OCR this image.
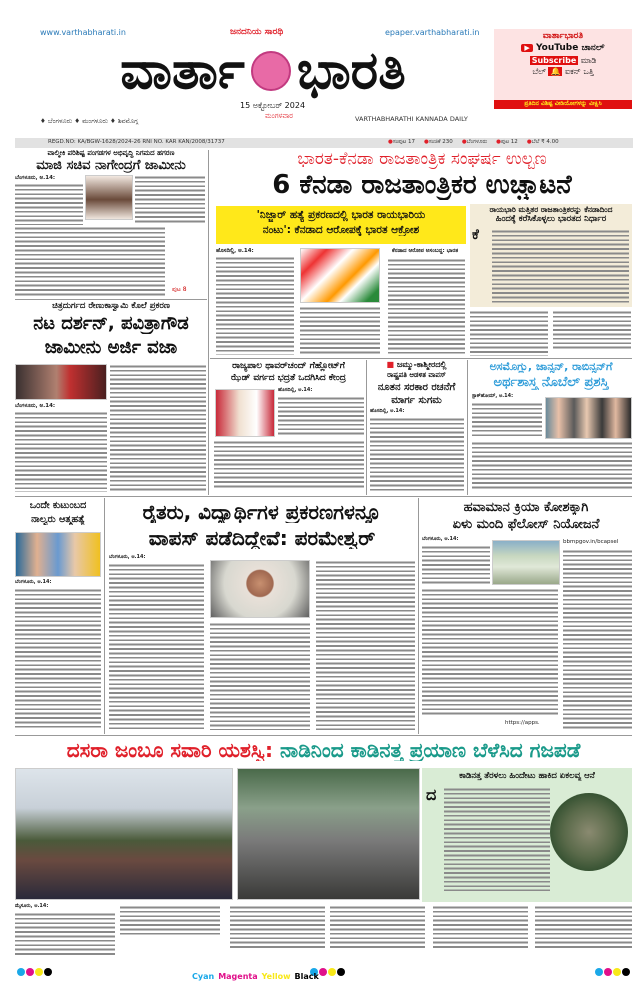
www.varthabharati.in	ಜನದನಿಯ ಸಾರಥಿ	epaper.varthabharati.in
ವಾರ್ತಾ ಭಾರತಿ
♦ ಬೆಂಗಳೂರು ♦ ಮಂಗಳೂರು ♦ ಶಿವಮೊಗ್ಗ
15 ಅಕ್ಟೋಬರ್ 2024
ಮಂಗಳವಾರ	VARTHABHARATHI KANNADA DAILY
ವಾರ್ತಾಭಾರತಿ
▶ YouTube ಚಾನಲ್
Subscribe ಮಾಡಿ
ಬೆಲ್ 🔔 ಐಕನ್ ಒತ್ತಿ
ಪ್ರತಿದಿನ ವಿಶಿಷ್ಟ ವೀಡಿಯೋಗಳನ್ನು ವೀಕ್ಷಿಸಿ
REGD.NO: KA/BGW-1628/2024-26 RNI NO. KAR KAN/2008/31737	●ಸಂಪುಟ 17 ●ಸಂಚಿಕೆ 230 ●ಬೆಂಗಳೂರು ●ಪುಟ 12 ●ಬೆಲೆ ₹ 4.00
ವಾಲ್ಮೀಕಿ ಪರಿಶಿಷ್ಟ ಪಂಗಡಗಳ ಅಭಿವೃದ್ಧಿ ನಿಗಮದ ಹಗರಣ
ಮಾಜಿ ಸಚಿವ ನಾಗೇಂದ್ರಗೆ ಜಾಮೀನು
ಬೆಂಗಳೂರು, ಅ.14:
ಪುಟ 8
ಭಾರತ-ಕೆನಡಾ ರಾಜತಾಂತ್ರಿಕ ಸಂಘರ್ಷ ಉಲ್ಬಣ
6 ಕೆನಡಾ ರಾಜತಾಂತ್ರಿಕರ ಉಚ್ಚಾಟನೆ
'ನಿಜ್ಜಾರ್ ಹತ್ಯೆ ಪ್ರಕರಣದಲ್ಲಿ ಭಾರತ ರಾಯಭಾರಿಯ
ನಂಟು': ಕೆನಡಾದ ಆರೋಪಕ್ಕೆ ಭಾರತ ಆಕ್ರೋಶ
ಹೊಸದಿಲ್ಲಿ, ಅ.14:	ಕೆನಡಾದ ಆರೋಪ ಅಸಂಬದ್ಧ: ಭಾರತ
ರಾಯಭಾರಿ ಮತ್ತಿತರ ರಾಜತಾಂತ್ರಿಕರನ್ನು ಕೆನಡಾದಿಂದ
ಹಿಂದಕ್ಕೆ ಕರೆಸಿಕೊಳ್ಳಲು ಭಾರತದ ನಿರ್ಧಾರ
ಕೆ
ಚಿತ್ರದುರ್ಗದ ರೇಣುಕಾಸ್ವಾಮಿ ಕೊಲೆ ಪ್ರಕರಣ
ನಟ ದರ್ಶನ್, ಪವಿತ್ರಾಗೌಡ
ಜಾಮೀನು ಅರ್ಜಿ ವಜಾ
ಬೆಂಗಳೂರು, ಅ.14:
ರಾಜ್ಯಪಾಲ ಥಾವರ್‌ಚಂದ್ ಗೆಹ್ಲೋಟ್‌ಗೆ
ಝೆಡ್ ವರ್ಗದ ಭದ್ರತೆ ಒದಗಿಸಿದ ಕೇಂದ್ರ
ಹೊಸದಿಲ್ಲಿ, ಅ.14:
■ ಜಮ್ಮು-ಕಾಶ್ಮೀರದಲ್ಲಿ
ರಾಷ್ಟ್ರಪತಿ ಆಡಳಿತ ವಾಪಸ್
ನೂತನ ಸರಕಾರ ರಚನೆಗೆ
ಮಾರ್ಗ ಸುಗಮ
ಹೊಸದಿಲ್ಲಿ, ಅ.14:
ಅಸಮೊಗ್ಲು, ಜಾನ್ಸನ್, ರಾಬಿನ್ಸನ್‌ಗೆ
ಅರ್ಥಶಾಸ್ತ್ರ ನೊಬೆಲ್ ಪ್ರಶಸ್ತಿ
ಸ್ಟಾಕ್‌ಹೋಮ್, ಅ.14:
ಒಂದೇ ಕುಟುಂಬದ
ನಾಲ್ವರು ಆತ್ಮಹತ್ಯೆ
ಬೆಂಗಳೂರು, ಅ.14:
ರೈತರು, ವಿದ್ಯಾರ್ಥಿಗಳ ಪ್ರಕರಣಗಳನ್ನೂ
ವಾಪಸ್ ಪಡೆದಿದ್ದೇವೆ: ಪರಮೇಶ್ವರ್
ಬೆಂಗಳೂರು, ಅ.14:
ಹವಾಮಾನ ಕ್ರಿಯಾ ಕೋಶಕ್ಕಾಗಿ
ಏಳು ಮಂದಿ ಫೆಲೋಸ್ ನಿಯೋಜನೆ
ಬೆಂಗಳೂರು, ಅ.14:	bbmpgov.in/bcapsel
https://apps.
ದಸರಾ ಜಂಬೂ ಸವಾರಿ ಯಶಸ್ವಿ: ನಾಡಿನಿಂದ ಕಾಡಿನತ್ತ ಪ್ರಯಾಣ ಬೆಳೆಸಿದ ಗಜಪಡೆ
ಕಾಡಿನತ್ತ ತೆರಳಲು ಹಿಂದೇಟು ಹಾಕಿದ ಏಕಲವ್ಯ ಆನೆ
ದ
ಮೈಸೂರು, ಅ.14:
Cyan Magenta Yellow Black
